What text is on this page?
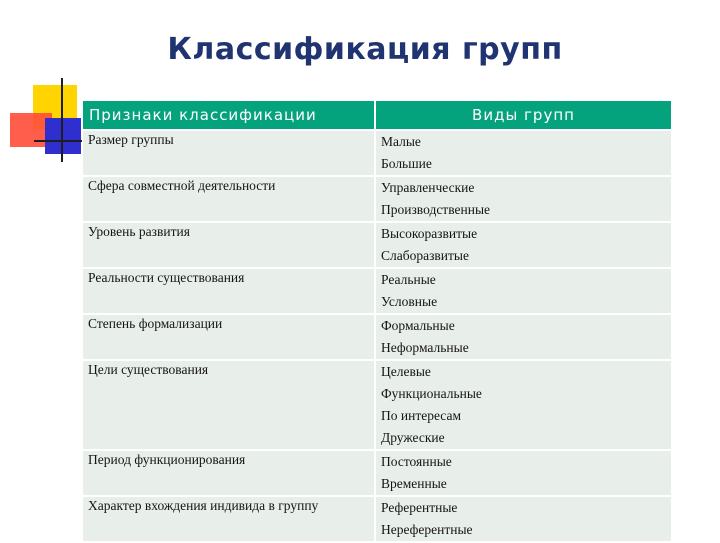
Классификация групп
Признаки классификации	Виды групп

Размер группы	Малые
Большие

Сфера совместной деятельности	Управленческие
Производственные

Уровень развития	Высокоразвитые
Слаборазвитые

Реальности существования	Реальные
Условные

Степень формализации	Формальные
Неформальные

Цели существования	Целевые
Функциональные
По интересам
Дружеские

Период функционирования	Постоянные
Временные

Характер вхождения индивида в группу	Референтные
Нереферентные
